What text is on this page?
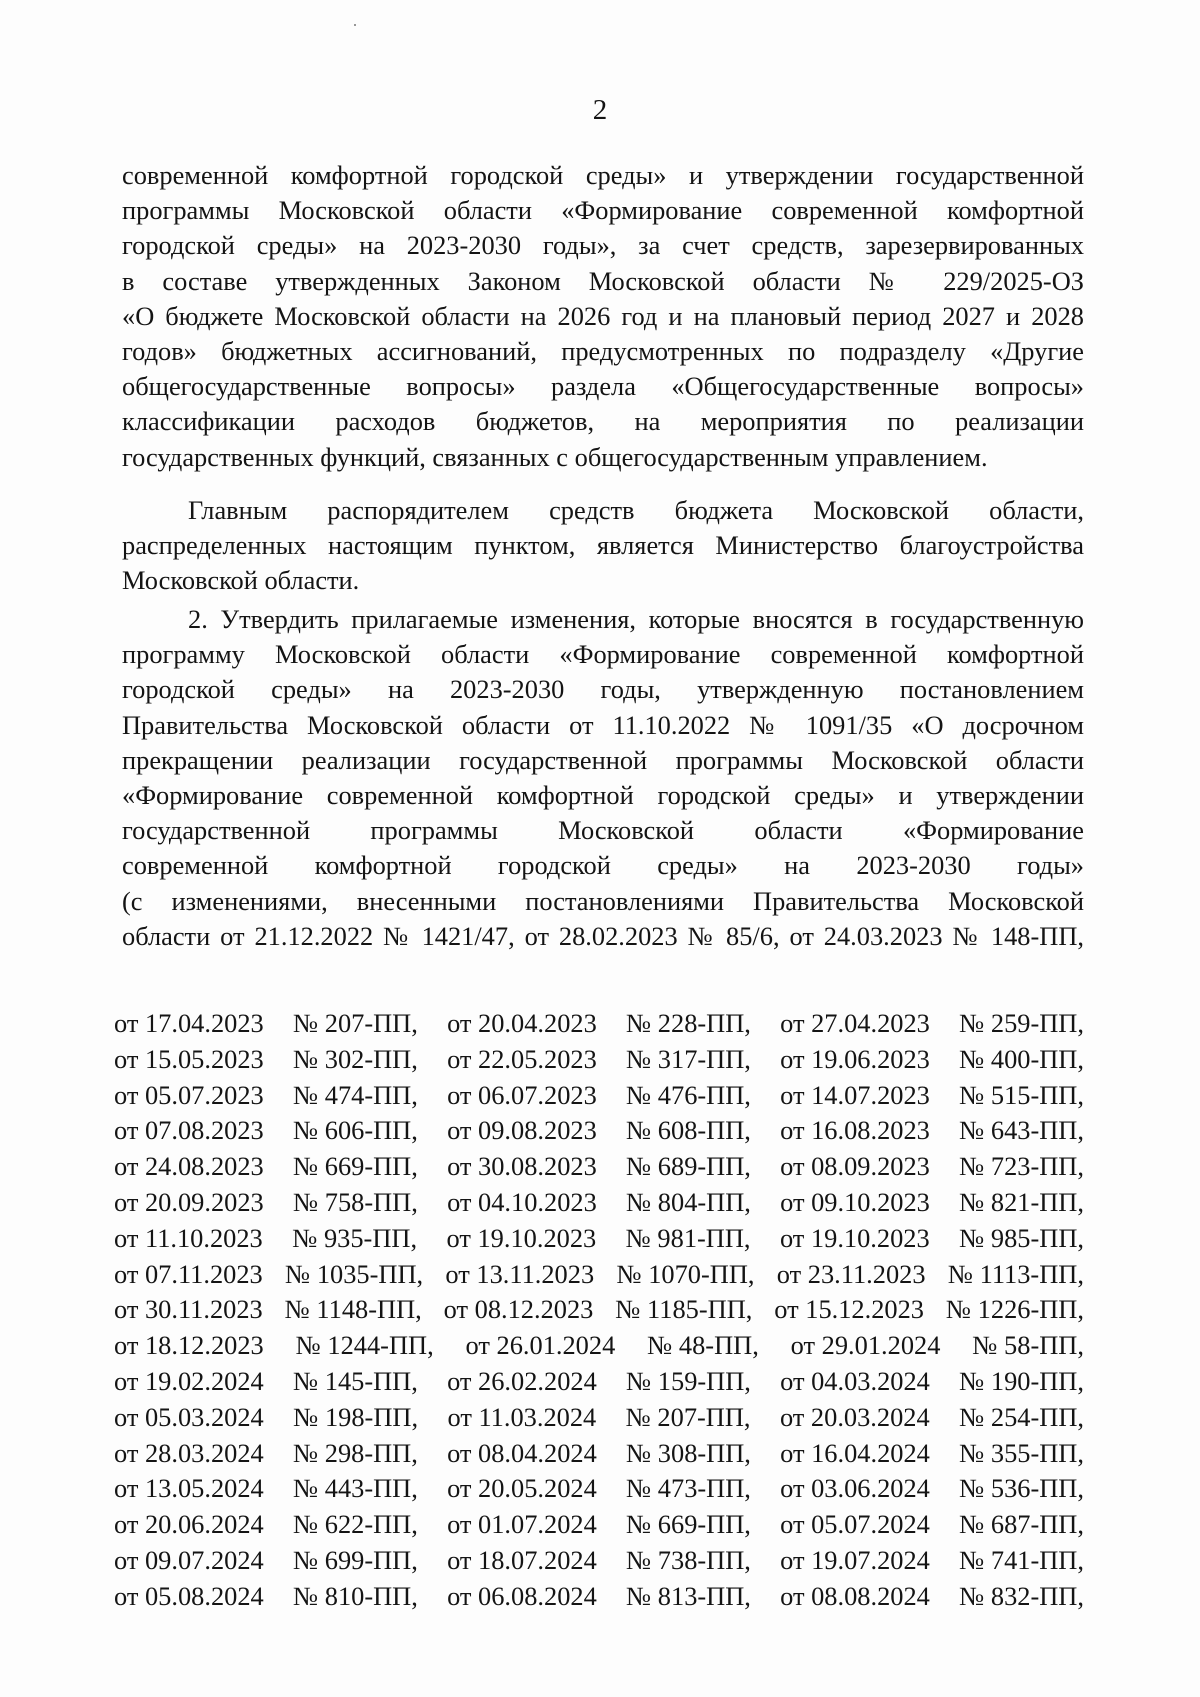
2

современной комфортной городской среды» и утверждении государственной

программы Московской области «Формирование современной комфортной

городской среды» на 2023-2030 годы», за счет средств, зарезервированных

в составе утвержденных Законом Московской области № 229/2025-ОЗ

«О бюджете Московской области на 2026 год и на плановый период 2027 и 2028

годов» бюджетных ассигнований, предусмотренных по подразделу «Другие

общегосударственные вопросы» раздела «Общегосударственные вопросы»

классификации расходов бюджетов, на мероприятия по реализации

государственных функций, связанных с общегосударственным управлением.

Главным распорядителем средств бюджета Московской области,

распределенных настоящим пунктом, является Министерство благоустройства

Московской области.

2. Утвердить прилагаемые изменения, которые вносятся в государственную

программу Московской области «Формирование современной комфортной

городской среды» на 2023-2030 годы, утвержденную постановлением

Правительства Московской области от 11.10.2022 № 1091/35 «О досрочном

прекращении реализации государственной программы Московской области

«Формирование современной комфортной городской среды» и утверждении

государственной программы Московской области «Формирование

современной комфортной городской среды» на 2023-2030 годы»

(с изменениями, внесенными постановлениями Правительства Московской

области от 21.12.2022 № 1421/47, от 28.02.2023 № 85/6, от 24.03.2023 № 148-ПП,

от 17.04.2023 № 207-ПП, от 20.04.2023 № 228-ПП, от 27.04.2023 № 259-ПП,
от 15.05.2023 № 302-ПП, от 22.05.2023 № 317-ПП, от 19.06.2023 № 400-ПП,
от 05.07.2023 № 474-ПП, от 06.07.2023 № 476-ПП, от 14.07.2023 № 515-ПП,
от 07.08.2023 № 606-ПП, от 09.08.2023 № 608-ПП, от 16.08.2023 № 643-ПП,
от 24.08.2023 № 669-ПП, от 30.08.2023 № 689-ПП, от 08.09.2023 № 723-ПП,
от 20.09.2023 № 758-ПП, от 04.10.2023 № 804-ПП, от 09.10.2023 № 821-ПП,
от 11.10.2023 № 935-ПП, от 19.10.2023 № 981-ПП, от 19.10.2023 № 985-ПП,
от 07.11.2023 № 1035-ПП, от 13.11.2023 № 1070-ПП, от 23.11.2023 № 1113-ПП,
от 30.11.2023 № 1148-ПП, от 08.12.2023 № 1185-ПП, от 15.12.2023 № 1226-ПП,
от 18.12.2023 № 1244-ПП, от 26.01.2024 № 48-ПП, от 29.01.2024 № 58-ПП,
от 19.02.2024 № 145-ПП, от 26.02.2024 № 159-ПП, от 04.03.2024 № 190-ПП,
от 05.03.2024 № 198-ПП, от 11.03.2024 № 207-ПП, от 20.03.2024 № 254-ПП,
от 28.03.2024 № 298-ПП, от 08.04.2024 № 308-ПП, от 16.04.2024 № 355-ПП,
от 13.05.2024 № 443-ПП, от 20.05.2024 № 473-ПП, от 03.06.2024 № 536-ПП,
от 20.06.2024 № 622-ПП, от 01.07.2024 № 669-ПП, от 05.07.2024 № 687-ПП,
от 09.07.2024 № 699-ПП, от 18.07.2024 № 738-ПП, от 19.07.2024 № 741-ПП,
от 05.08.2024 № 810-ПП, от 06.08.2024 № 813-ПП, от 08.08.2024 № 832-ПП,
